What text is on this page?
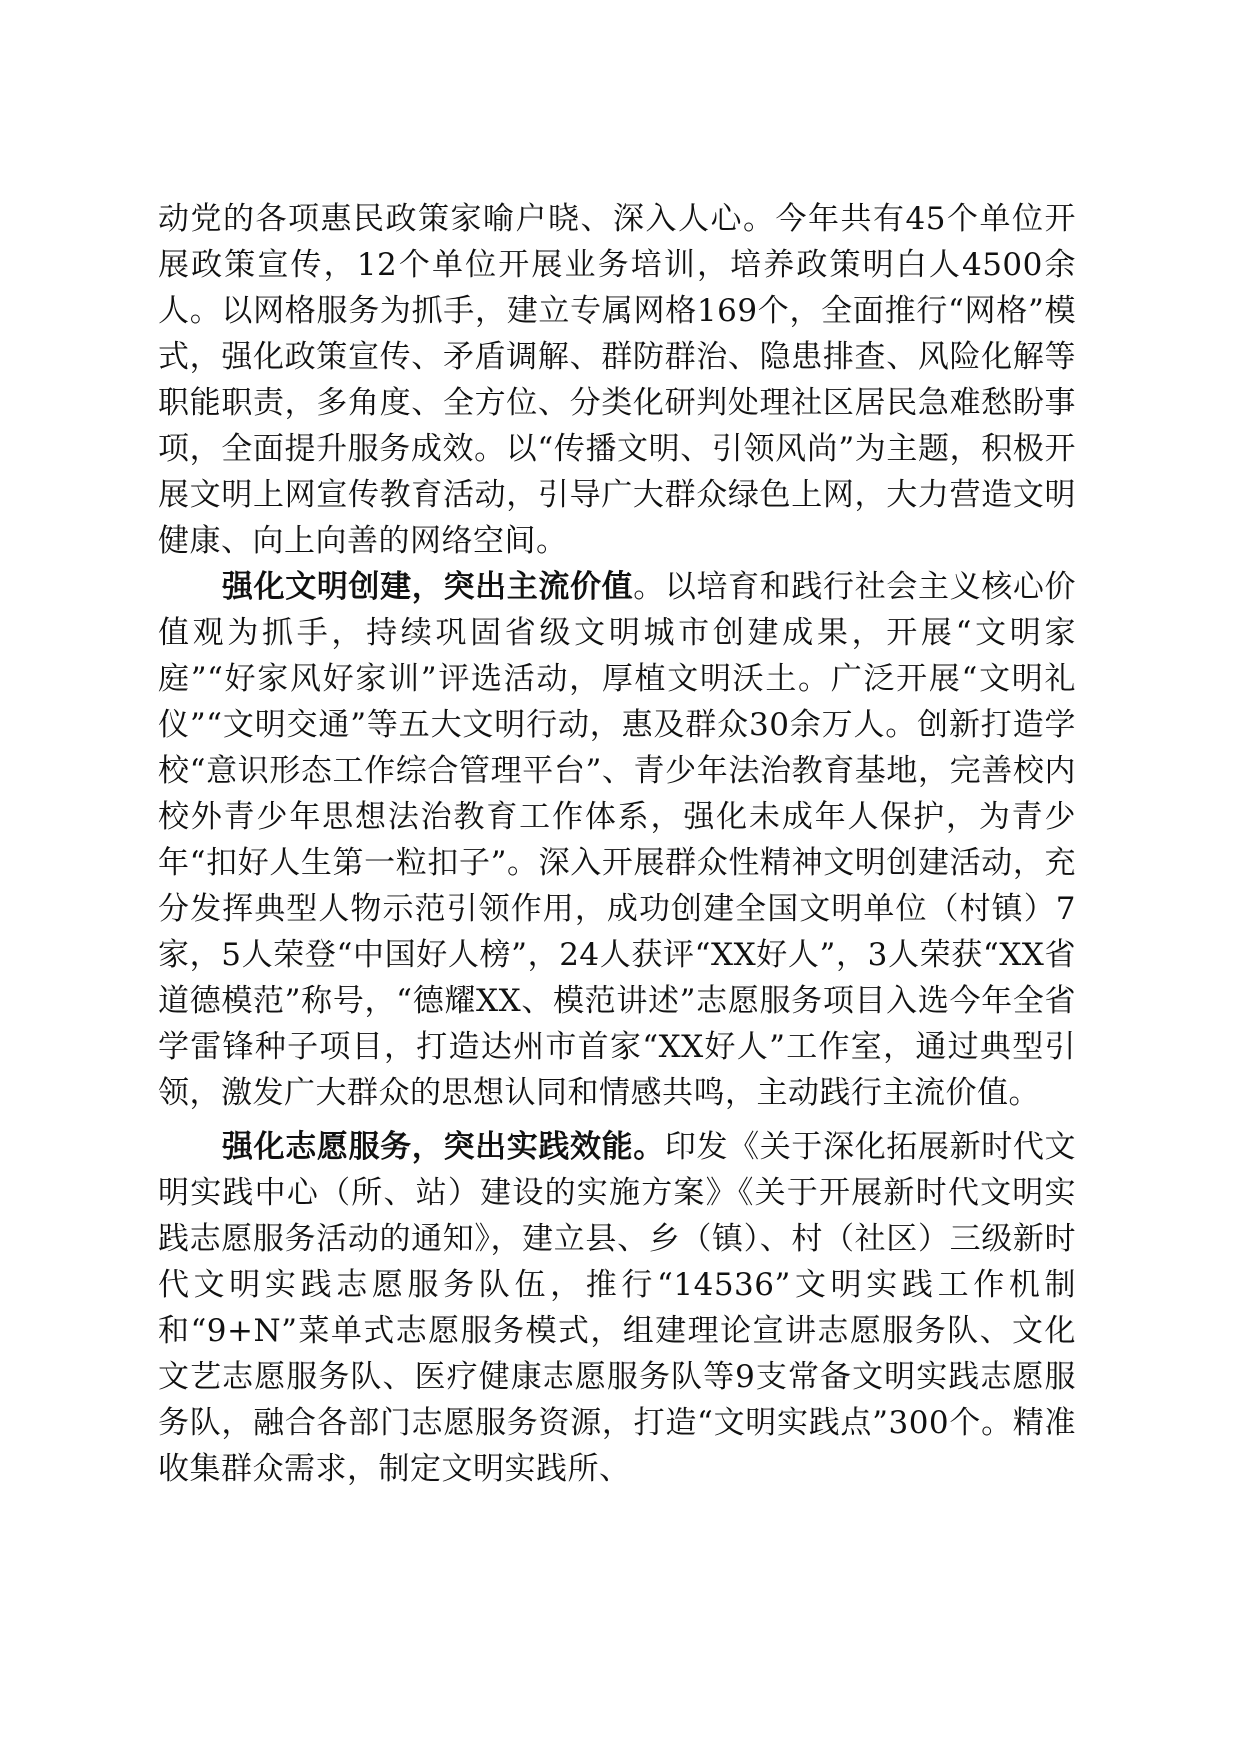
动党的各项惠民政策家喻户晓、深入人心。今年共有45个单位开展政策宣传，12个单位开展业务培训，培养政策明白人4500余人。以网格服务为抓手，建立专属网格169个，全面推行“网格”模式，强化政策宣传、矛盾调解、群防群治、隐患排查、风险化解等职能职责，多角度、全方位、分类化研判处理社区居民急难愁盼事项，全面提升服务成效。以“传播文明、引领风尚”为主题，积极开展文明上网宣传教育活动，引导广大群众绿色上网，大力营造文明健康、向上向善的网络空间。

强化文明创建，突出主流价值。以培育和践行社会主义核心价值观为抓手，持续巩固省级文明城市创建成果，开展“文明家庭”“好家风好家训”评选活动，厚植文明沃土。广泛开展“文明礼仪”“文明交通”等五大文明行动，惠及群众30余万人。创新打造学校“意识形态工作综合管理平台”、青少年法治教育基地，完善校内校外青少年思想法治教育工作体系，强化未成年人保护，为青少年“扣好人生第一粒扣子”。深入开展群众性精神文明创建活动，充分发挥典型人物示范引领作用，成功创建全国文明单位（村镇）7家，5人荣登“中国好人榜”，24人获评“XX好人”，3人荣获“XX省道德模范”称号，“德耀XX、模范讲述”志愿服务项目入选今年全省学雷锋种子项目，打造达州市首家“XX好人”工作室，通过典型引领，激发广大群众的思想认同和情感共鸣，主动践行主流价值。

强化志愿服务，突出实践效能。印发《关于深化拓展新时代文明实践中心（所、站）建设的实施方案》《关于开展新时代文明实践志愿服务活动的通知》，建立县、乡（镇）、村（社区）三级新时代文明实践志愿服务队伍，推行“14536”文明实践工作机制和“9+N”菜单式志愿服务模式，组建理论宣讲志愿服务队、文化文艺志愿服务队、医疗健康志愿服务队等9支常备文明实践志愿服务队，融合各部门志愿服务资源，打造“文明实践点”300个。精准收集群众需求，制定文明实践所、
